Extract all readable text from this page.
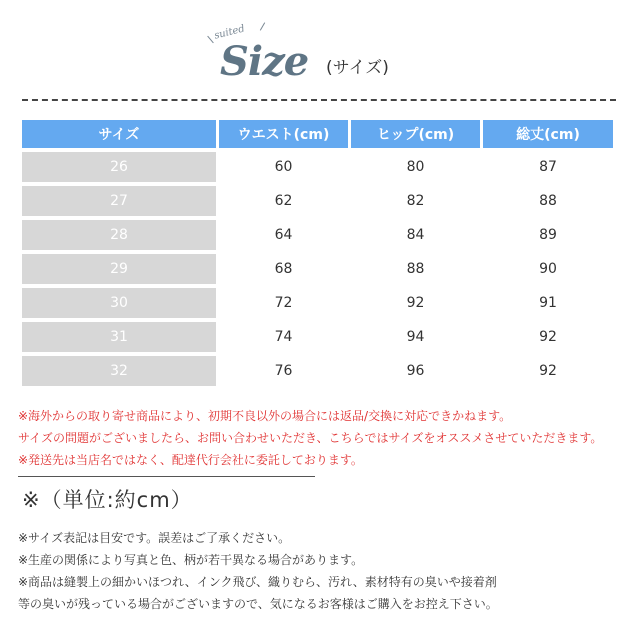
suited
Size (サイズ)
サイズ	ウエスト(cm)	ヒップ(cm)	総丈(cm)
26	60	80	87
27	62	82	88
28	64	84	89
29	68	88	90
30	72	92	91
31	74	94	92
32	76	96	92
※海外からの取り寄せ商品により、初期不良以外の場合には返品/交換に対応できかねます。
サイズの問題がございましたら、お問い合わせいただき、こちらではサイズをオススメさせていただきます。
※発送先は当店名ではなく、配達代行会社に委託しております。
※（単位:約cm）
※サイズ表記は目安です。誤差はご了承ください。
※生産の関係により写真と色、柄が若干異なる場合があります。
※商品は縫製上の細かいほつれ、インク飛び、織りむら、汚れ、素材特有の臭いや接着剤
等の臭いが残っている場合がございますので、気になるお客様はご購入をお控え下さい。
